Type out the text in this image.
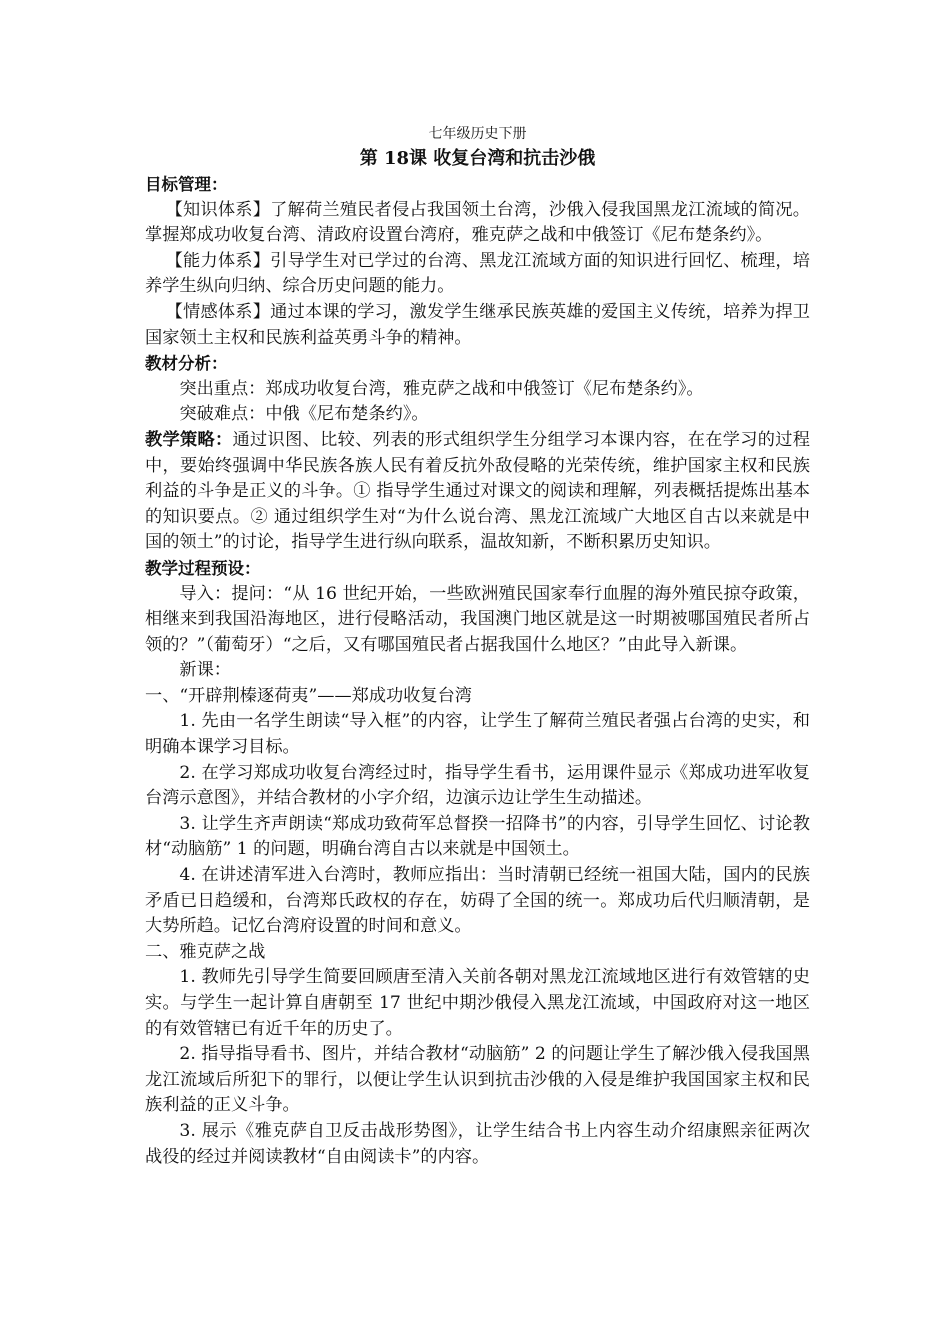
七年级历史下册
第 18课 收复台湾和抗击沙俄
目标管理：

【知识体系】了解荷兰殖民者侵占我国领土台湾，沙俄入侵我国黑龙江流域的简况。掌握郑成功收复台湾、清政府设置台湾府，雅克萨之战和中俄签订《尼布楚条约》。

【能力体系】引导学生对已学过的台湾、黑龙江流域方面的知识进行回忆、梳理，培养学生纵向归纳、综合历史问题的能力。

【情感体系】通过本课的学习，激发学生继承民族英雄的爱国主义传统，培养为捍卫国家领土主权和民族利益英勇斗争的精神。

教材分析：

突出重点：郑成功收复台湾，雅克萨之战和中俄签订《尼布楚条约》。

突破难点：中俄《尼布楚条约》。

教学策略：通过识图、比较、列表的形式组织学生分组学习本课内容，在在学习的过程中，要始终强调中华民族各族人民有着反抗外敌侵略的光荣传统，维护国家主权和民族利益的斗争是正义的斗争。① 指导学生通过对课文的阅读和理解，列表概括提炼出基本的知识要点。② 通过组织学生对“为什么说台湾、黑龙江流域广大地区自古以来就是中国的领土”的讨论，指导学生进行纵向联系，温故知新，不断积累历史知识。

教学过程预设：

导入：提问：“从 16 世纪开始，一些欧洲殖民国家奉行血腥的海外殖民掠夺政策，相继来到我国沿海地区，进行侵略活动，我国澳门地区就是这一时期被哪国殖民者所占领的？”（葡萄牙）“之后，又有哪国殖民者占据我国什么地区？”由此导入新课。

新课：

一、“开辟荆榛逐荷夷”——郑成功收复台湾

1. 先由一名学生朗读“导入框”的内容，让学生了解荷兰殖民者强占台湾的史实，和明确本课学习目标。

2. 在学习郑成功收复台湾经过时，指导学生看书，运用课件显示《郑成功进军收复台湾示意图》，并结合教材的小字介绍，边演示边让学生生动描述。

3. 让学生齐声朗读“郑成功致荷军总督揆一招降书”的内容，引导学生回忆、讨论教材“动脑筋” 1 的问题，明确台湾自古以来就是中国领土。

4. 在讲述清军进入台湾时，教师应指出：当时清朝已经统一祖国大陆，国内的民族矛盾已日趋缓和，台湾郑氏政权的存在，妨碍了全国的统一。郑成功后代归顺清朝，是大势所趋。记忆台湾府设置的时间和意义。

二、雅克萨之战

1. 教师先引导学生简要回顾唐至清入关前各朝对黑龙江流域地区进行有效管辖的史实。与学生一起计算自唐朝至 17 世纪中期沙俄侵入黑龙江流域，中国政府对这一地区的有效管辖已有近千年的历史了。

2. 指导指导看书、图片，并结合教材“动脑筋” 2 的问题让学生了解沙俄入侵我国黑龙江流域后所犯下的罪行，以便让学生认识到抗击沙俄的入侵是维护我国国家主权和民族利益的正义斗争。

3. 展示《雅克萨自卫反击战形势图》，让学生结合书上内容生动介绍康熙亲征两次战役的经过并阅读教材“自由阅读卡”的内容。
